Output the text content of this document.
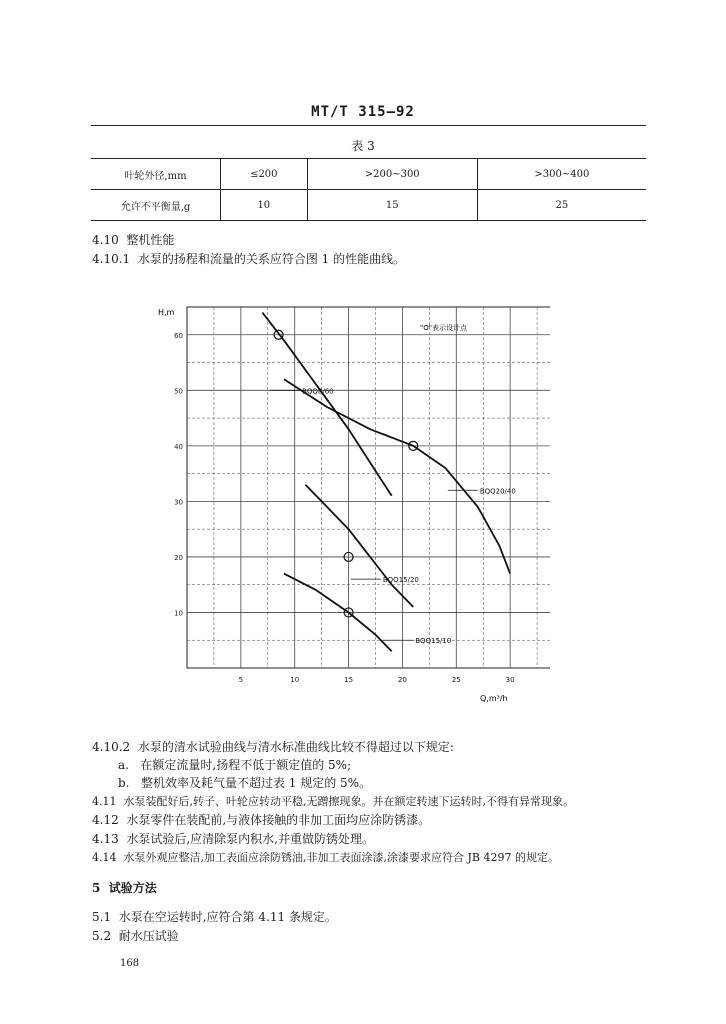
MT/T 315—92
表 3
叶轮外径,mm	≤200	>200~300	>300~400
允许不平衡量,g	10	15	25
4.10 整机性能
4.10.1 水泵的扬程和流量的关系应符合图 1 的性能曲线。
H,m
Q,m³/h
"O"表示设计点
5	10	15	20	25	30
10
20
30
40
50
60
BQQ8/60
BQQ20/40
BQQ15/20
BQQ15/10
4.10.2 水泵的清水试验曲线与清水标准曲线比较不得超过以下规定:
a. 在额定流量时,扬程不低于额定值的 5%;
b. 整机效率及耗气量不超过表 1 规定的 5%。
4.11 水泵装配好后,转子、叶轮应转动平稳,无蹭擦现象。并在额定转速下运转时,不得有异常现象。
4.12 水泵零件在装配前,与液体接触的非加工面均应涂防锈漆。
4.13 水泵试验后,应清除泵内积水,并重做防锈处理。
4.14 水泵外观应整洁,加工表面应涂防锈油,非加工表面涂漆,涂漆要求应符合 JB 4297 的规定。
5 试验方法
5.1 水泵在空运转时,应符合第 4.11 条规定。
5.2 耐水压试验
168
